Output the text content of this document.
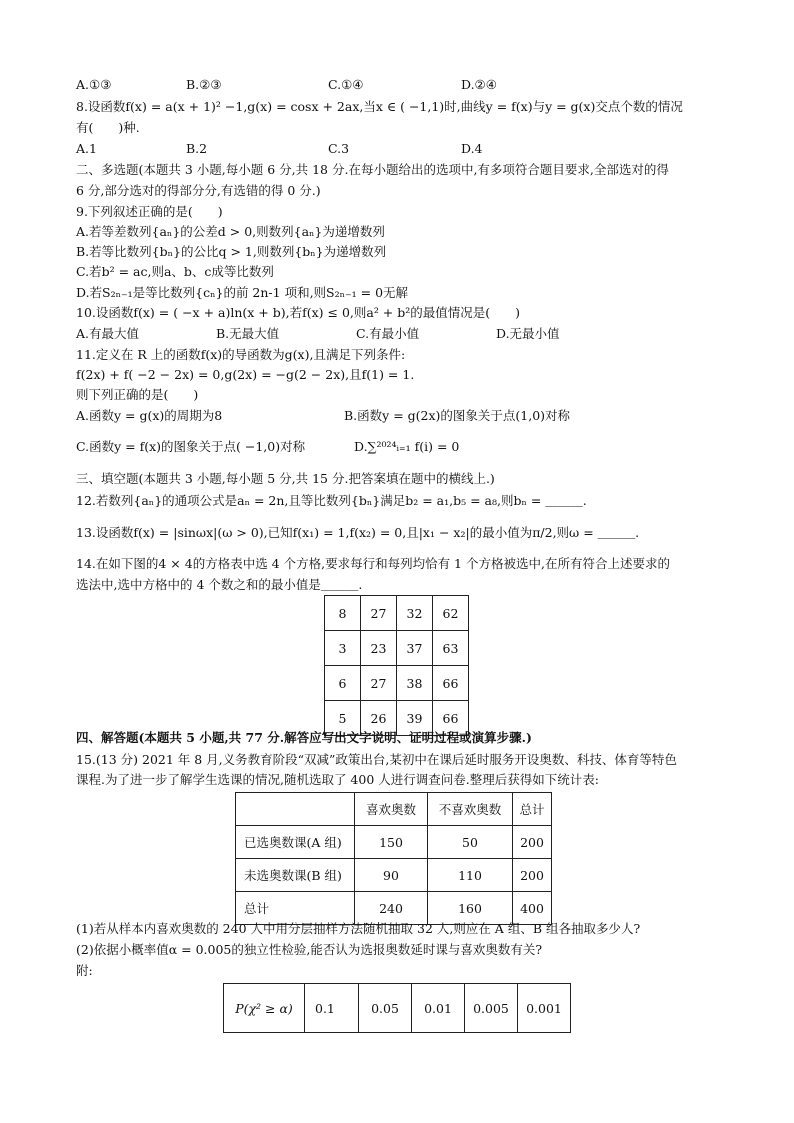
A.①③	B.②③	C.①④	D.②④
8.设函数f(x) = a(x + 1)² −1,g(x) = cosx + 2ax,当x ∈ ( −1,1)时,曲线y = f(x)与y = g(x)交点个数的情况
有(　　)种.
A.1	B.2	C.3	D.4
二、多选题(本题共 3 小题,每小题 6 分,共 18 分.在每小题给出的选项中,有多项符合题目要求,全部选对的得
6 分,部分选对的得部分分,有选错的得 0 分.)
9.下列叙述正确的是(　　)
A.若等差数列{aₙ}的公差d > 0,则数列{aₙ}为递增数列
B.若等比数列{bₙ}的公比q > 1,则数列{bₙ}为递增数列
C.若b² = ac,则a、b、c成等比数列
D.若S₂ₙ₋₁是等比数列{cₙ}的前 2n-1 项和,则S₂ₙ₋₁ = 0无解
10.设函数f(x) = ( −x + a)ln(x + b),若f(x) ≤ 0,则a² + b²的最值情况是(　　)
A.有最大值	B.无最大值	C.有最小值	D.无最小值
11.定义在 R 上的函数f(x)的导函数为g(x),且满足下列条件:
f(2x) + f( −2 − 2x) = 0,g(2x) = −g(2 − 2x),且f(1) = 1.
则下列正确的是(　　)
A.函数y = g(x)的周期为8	B.函数y = g(2x)的图象关于点(1,0)对称
C.函数y = f(x)的图象关于点( −1,0)对称	D.∑²⁰²⁴ᵢ₌₁ f(i) = 0
三、填空题(本题共 3 小题,每小题 5 分,共 15 分.把答案填在题中的横线上.)
12.若数列{aₙ}的通项公式是aₙ = 2n,且等比数列{bₙ}满足b₂ = a₁,b₅ = a₈,则bₙ = ＿＿＿.
13.设函数f(x) = |sinωx|(ω > 0),已知f(x₁) = 1,f(x₂) = 0,且|x₁ − x₂|的最小值为π/2,则ω = ＿＿＿.
14.在如下图的4 × 4的方格表中选 4 个方格,要求每行和每列均恰有 1 个方格被选中,在所有符合上述要求的
选法中,选中方格中的 4 个数之和的最小值是＿＿＿.
8	27	32	62
3	23	37	63
6	27	38	66
5	26	39	66
四、解答题(本题共 5 小题,共 77 分.解答应写出文字说明、证明过程或演算步骤.)
15.(13 分) 2021 年 8 月,义务教育阶段“双减”政策出台,某初中在课后延时服务开设奥数、科技、体育等特色
课程.为了进一步了解学生选课的情况,随机选取了 400 人进行调查问卷.整理后获得如下统计表:
	喜欢奥数	不喜欢奥数	总计
已选奥数课(A 组)	150	50	200
未选奥数课(B 组)	90	110	200
总计	240	160	400
(1)若从样本内喜欢奥数的 240 人中用分层抽样方法随机抽取 32 人,则应在 A 组、B 组各抽取多少人?
(2)依据小概率值α = 0.005的独立性检验,能否认为选报奥数延时课与喜欢奥数有关?
附:
P(χ² ≥ α)	0.1	0.05	0.01	0.005	0.001
